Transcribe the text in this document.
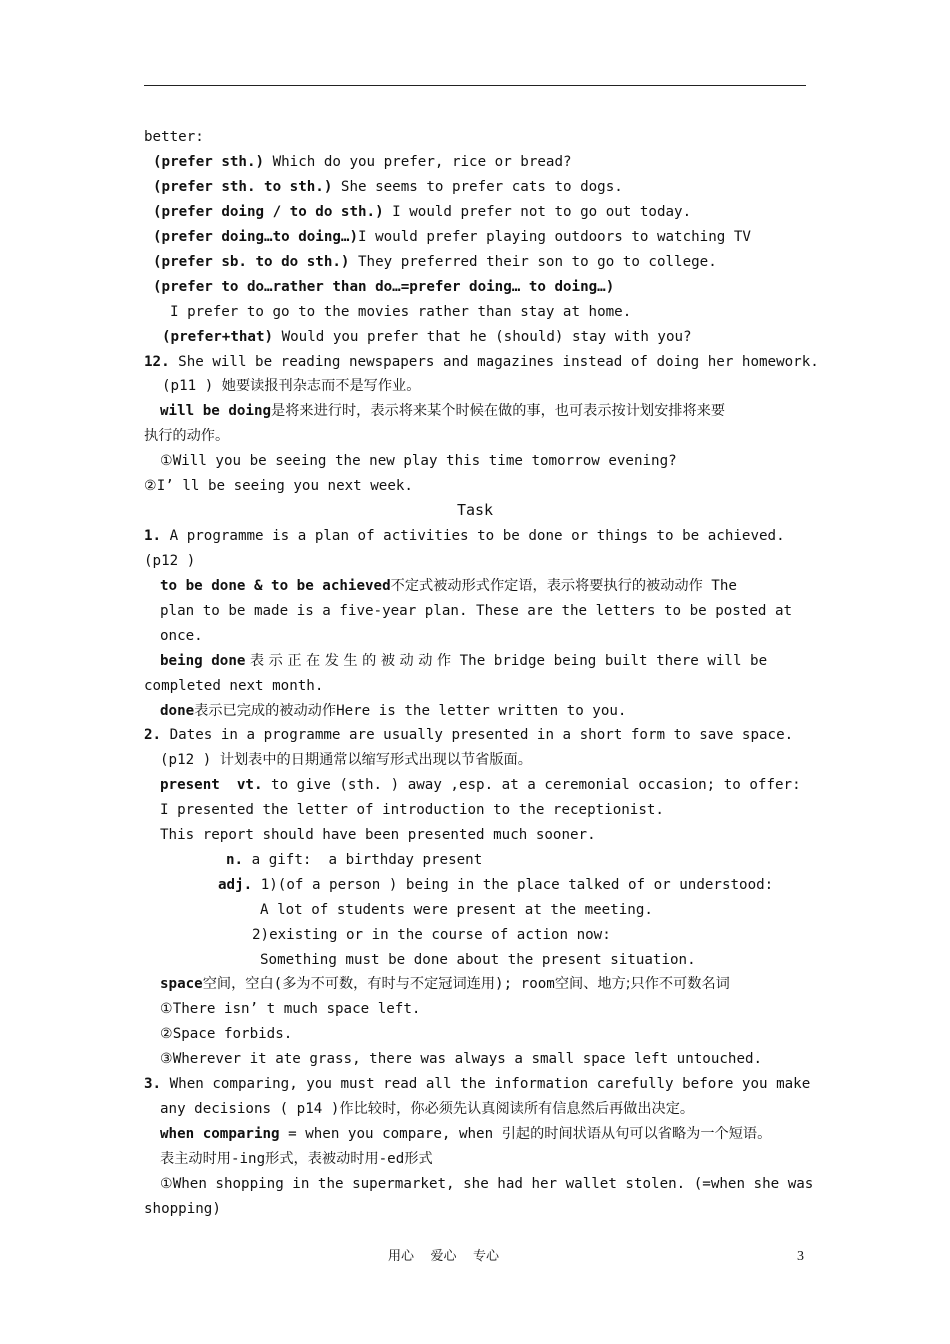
better:
(prefer sth.) Which do you prefer, rice or bread?
(prefer sth. to sth.) She seems to prefer cats to dogs.
(prefer doing / to do sth.) I would prefer not to go out today.
(prefer doing…to doing…)I would prefer playing outdoors to watching TV
(prefer sb. to do sth.) They preferred their son to go to college.
(prefer to do…rather than do…=prefer doing… to doing…)
I prefer to go to the movies rather than stay at home.
(prefer+that) Would you prefer that he (should) stay with you?
12. She will be reading newspapers and magazines instead of doing her homework.
(p11 ) 她要读报刊杂志而不是写作业。
will be doing是将来进行时，表示将来某个时候在做的事，也可表示按计划安排将来要
执行的动作。
①Will you be seeing the new play this time tomorrow evening?
②I’ ll be seeing you next week.
1. A programme is a plan of activities to be done or things to be achieved.
(p12 )
to be done & to be achieved不定式被动形式作定语，表示将要执行的被动动作 The
plan to be made is a five-year plan. These are the letters to be posted at
once.
being done 表 示 正 在 发 生 的 被 动 动 作 The bridge being built there will be
completed next month.
done表示已完成的被动动作Here is the letter written to you.
2. Dates in a programme are usually presented in a short form to save space.
(p12 ) 计划表中的日期通常以缩写形式出现以节省版面。
present  vt. to give (sth. ) away ,esp. at a ceremonial occasion; to offer:
I presented the letter of introduction to the receptionist.
This report should have been presented much sooner.
n. a gift:  a birthday present
adj. 1)(of a person ) being in the place talked of or understood:
A lot of students were present at the meeting.
2)existing or in the course of action now:
Something must be done about the present situation.
space空间，空白(多为不可数，有时与不定冠词连用); room空间、地方;只作不可数名词
①There isn’ t much space left.
②Space forbids.
③Wherever it ate grass, there was always a small space left untouched.
3. When comparing, you must read all the information carefully before you make
any decisions ( p14 )作比较时，你必须先认真阅读所有信息然后再做出决定。
when comparing = when you compare, when 引起的时间状语从句可以省略为一个短语。
表主动时用-ing形式，表被动时用-ed形式
①When shopping in the supermarket, she had her wallet stolen. (=when she was
shopping)
Task
用心    爱心    专心	3
